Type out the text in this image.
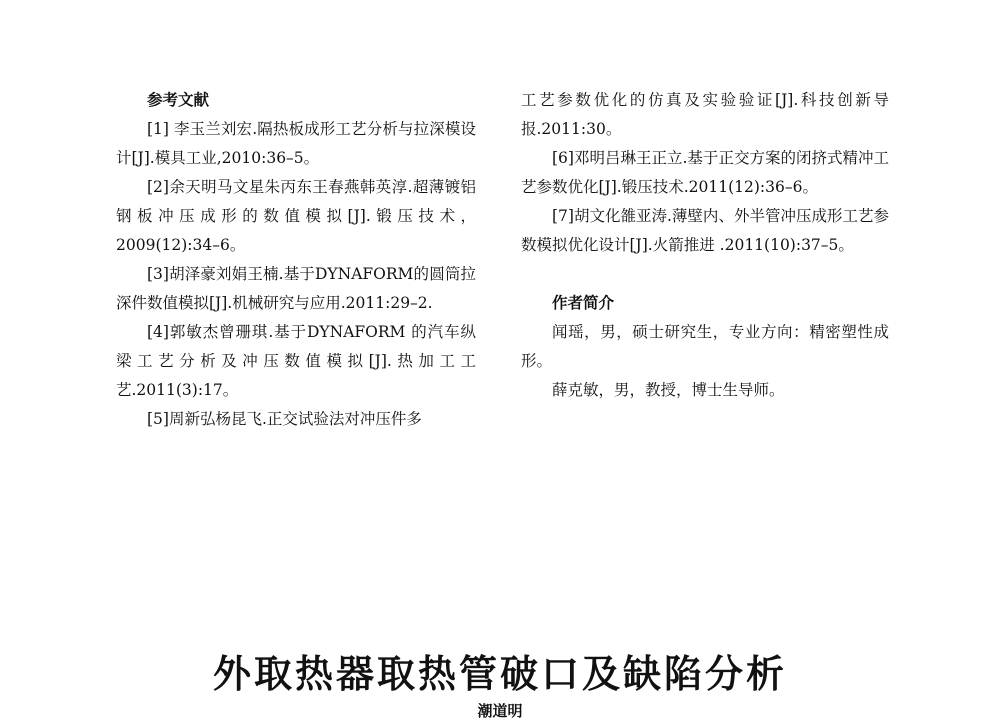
参考文献

[1] 李玉兰刘宏.隔热板成形工艺分析与拉深模设计[J].模具工业,2010:36–5。

[2]余天明马文星朱丙东王春燕韩英淳.超薄镀铝钢板冲压成形的数值模拟[J].锻压技术，2009(12):34–6。

[3]胡泽豪刘娟王楠.基于DYNAFORM的圆筒拉深件数值模拟[J].机械研究与应用.2011:29–2.

[4]郭敏杰曾珊琪.基于DYNAFORM 的汽车纵梁工艺分析及冲压数值模拟[J].热加工工艺.2011(3):17。

[5]周新弘杨昆飞.正交试验法对冲压件多

工艺参数优化的仿真及实验验证[J].科技创新导报.2011:30。

[6]邓明吕琳王正立.基于正交方案的闭挤式精冲工艺参数优化[J].锻压技术.2011(12):36–6。

[7]胡文化雒亚涛.薄壁内、外半管冲压成形工艺参数模拟优化设计[J].火箭推进 .2011(10):37–5。

作者简介

闻瑶，男，硕士研究生，专业方向：精密塑性成形。

薛克敏，男，教授，博士生导师。

外取热器取热管破口及缺陷分析
潮道明
